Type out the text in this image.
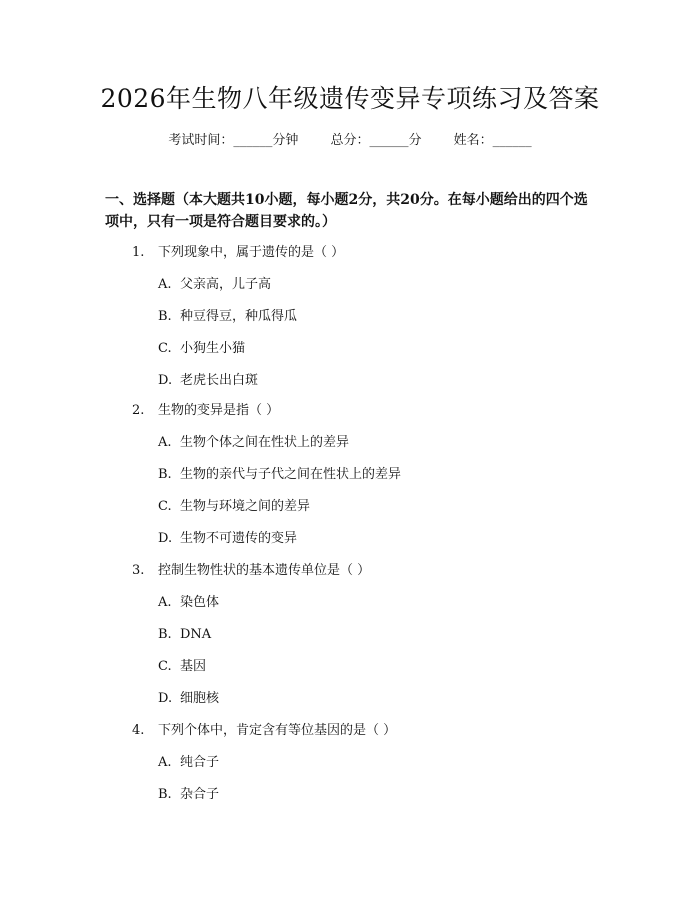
2026年生物八年级遗传变异专项练习及答案
考试时间：______分钟 总分：______分 姓名：______
一、选择题（本大题共10小题，每小题2分，共20分。在每小题给出的四个选项中，只有一项是符合题目要求的。）
1. 下列现象中，属于遗传的是（ ）
A. 父亲高，儿子高
B. 种豆得豆，种瓜得瓜
C. 小狗生小猫
D. 老虎长出白斑
2. 生物的变异是指（ ）
A. 生物个体之间在性状上的差异
B. 生物的亲代与子代之间在性状上的差异
C. 生物与环境之间的差异
D. 生物不可遗传的变异
3. 控制生物性状的基本遗传单位是（ ）
A. 染色体
B. DNA
C. 基因
D. 细胞核
4. 下列个体中，肯定含有等位基因的是（ ）
A. 纯合子
B. 杂合子
